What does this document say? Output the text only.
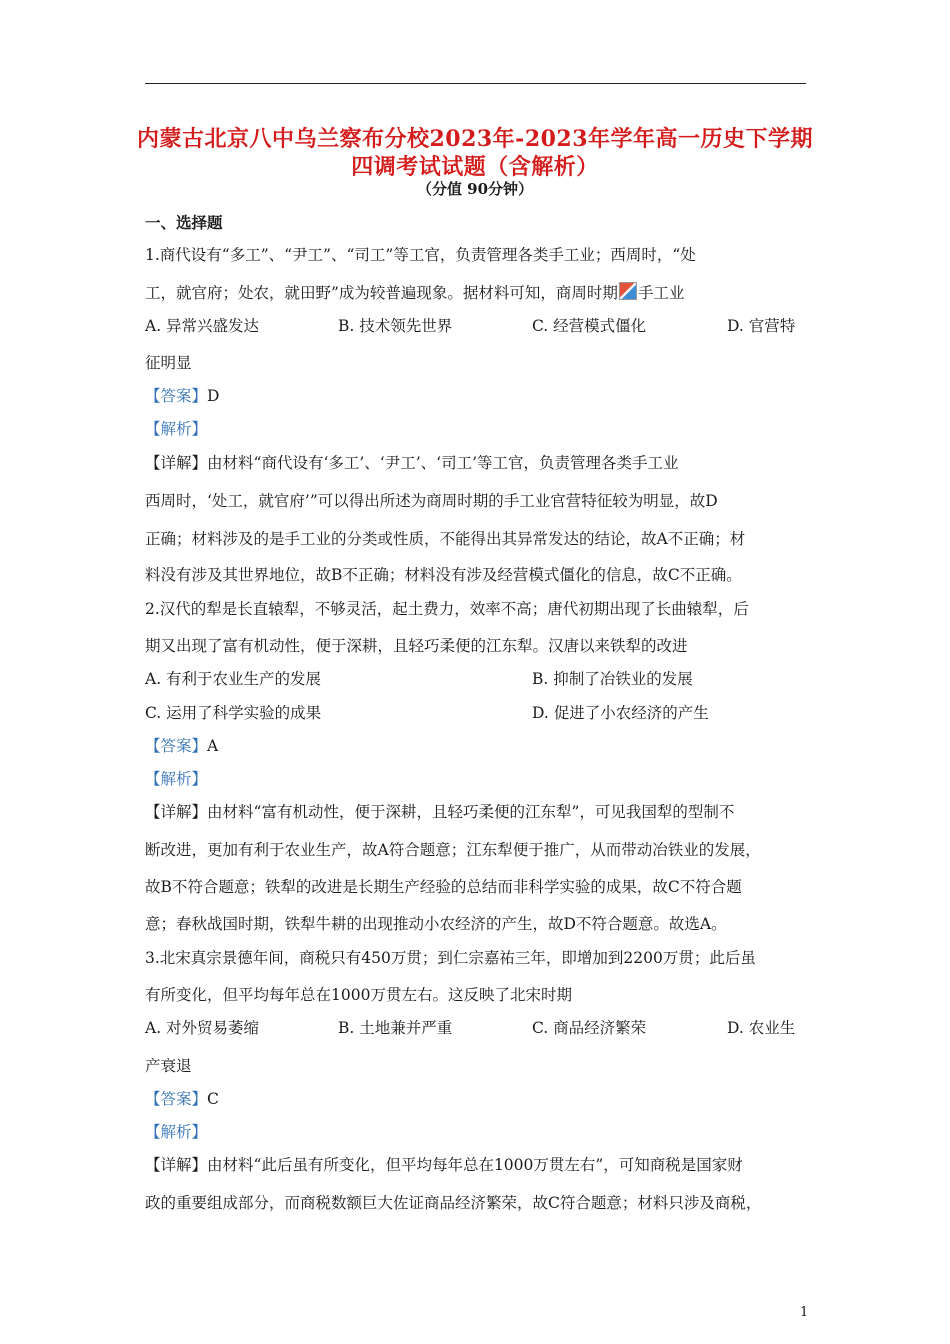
内蒙古北京八中乌兰察布分校2023年-2023年学年高一历史下学期
四调考试试题（含解析）
（分值 90分钟）
一、选择题
1.商代设有“多工”、“尹工”、“司工”等工官，负责管理各类手工业；西周时，“处
工，就官府；处农，就田野”成为较普遍现象。据材料可知，商周时期 手工业
A. 异常兴盛发达	B. 技术领先世界	C. 经营模式僵化	D. 官营特
征明显
【答案】D
【解析】
【详解】由材料“商代设有‘多工’、‘尹工’、‘司工’等工官，负责管理各类手工业
西周时，‘处工，就官府’”可以得出所述为商周时期的手工业官营特征较为明显，故D
正确；材料涉及的是手工业的分类或性质，不能得出其异常发达的结论，故A不正确；材
料没有涉及其世界地位，故B不正确；材料没有涉及经营模式僵化的信息，故C不正确。
2.汉代的犁是长直辕犁，不够灵活，起土费力，效率不高；唐代初期出现了长曲辕犁，后
期又出现了富有机动性，便于深耕，且轻巧柔便的江东犁。汉唐以来铁犁的改进
A. 有利于农业生产的发展	B. 抑制了冶铁业的发展
C. 运用了科学实验的成果	D. 促进了小农经济的产生
【答案】A
【解析】
【详解】由材料“富有机动性，便于深耕，且轻巧柔便的江东犁”，可见我国犁的型制不
断改进，更加有利于农业生产，故A符合题意；江东犁便于推广，从而带动冶铁业的发展，
故B不符合题意；铁犁的改进是长期生产经验的总结而非科学实验的成果，故C不符合题
意；春秋战国时期，铁犁牛耕的出现推动小农经济的产生，故D不符合题意。故选A。
3.北宋真宗景德年间，商税只有450万贯；到仁宗嘉祐三年，即增加到2200万贯；此后虽
有所变化，但平均每年总在1000万贯左右。这反映了北宋时期
A. 对外贸易萎缩	B. 土地兼并严重	C. 商品经济繁荣	D. 农业生
产衰退
【答案】C
【解析】
【详解】由材料“此后虽有所变化，但平均每年总在1000万贯左右”，可知商税是国家财
政的重要组成部分，而商税数额巨大佐证商品经济繁荣，故C符合题意；材料只涉及商税，
1
